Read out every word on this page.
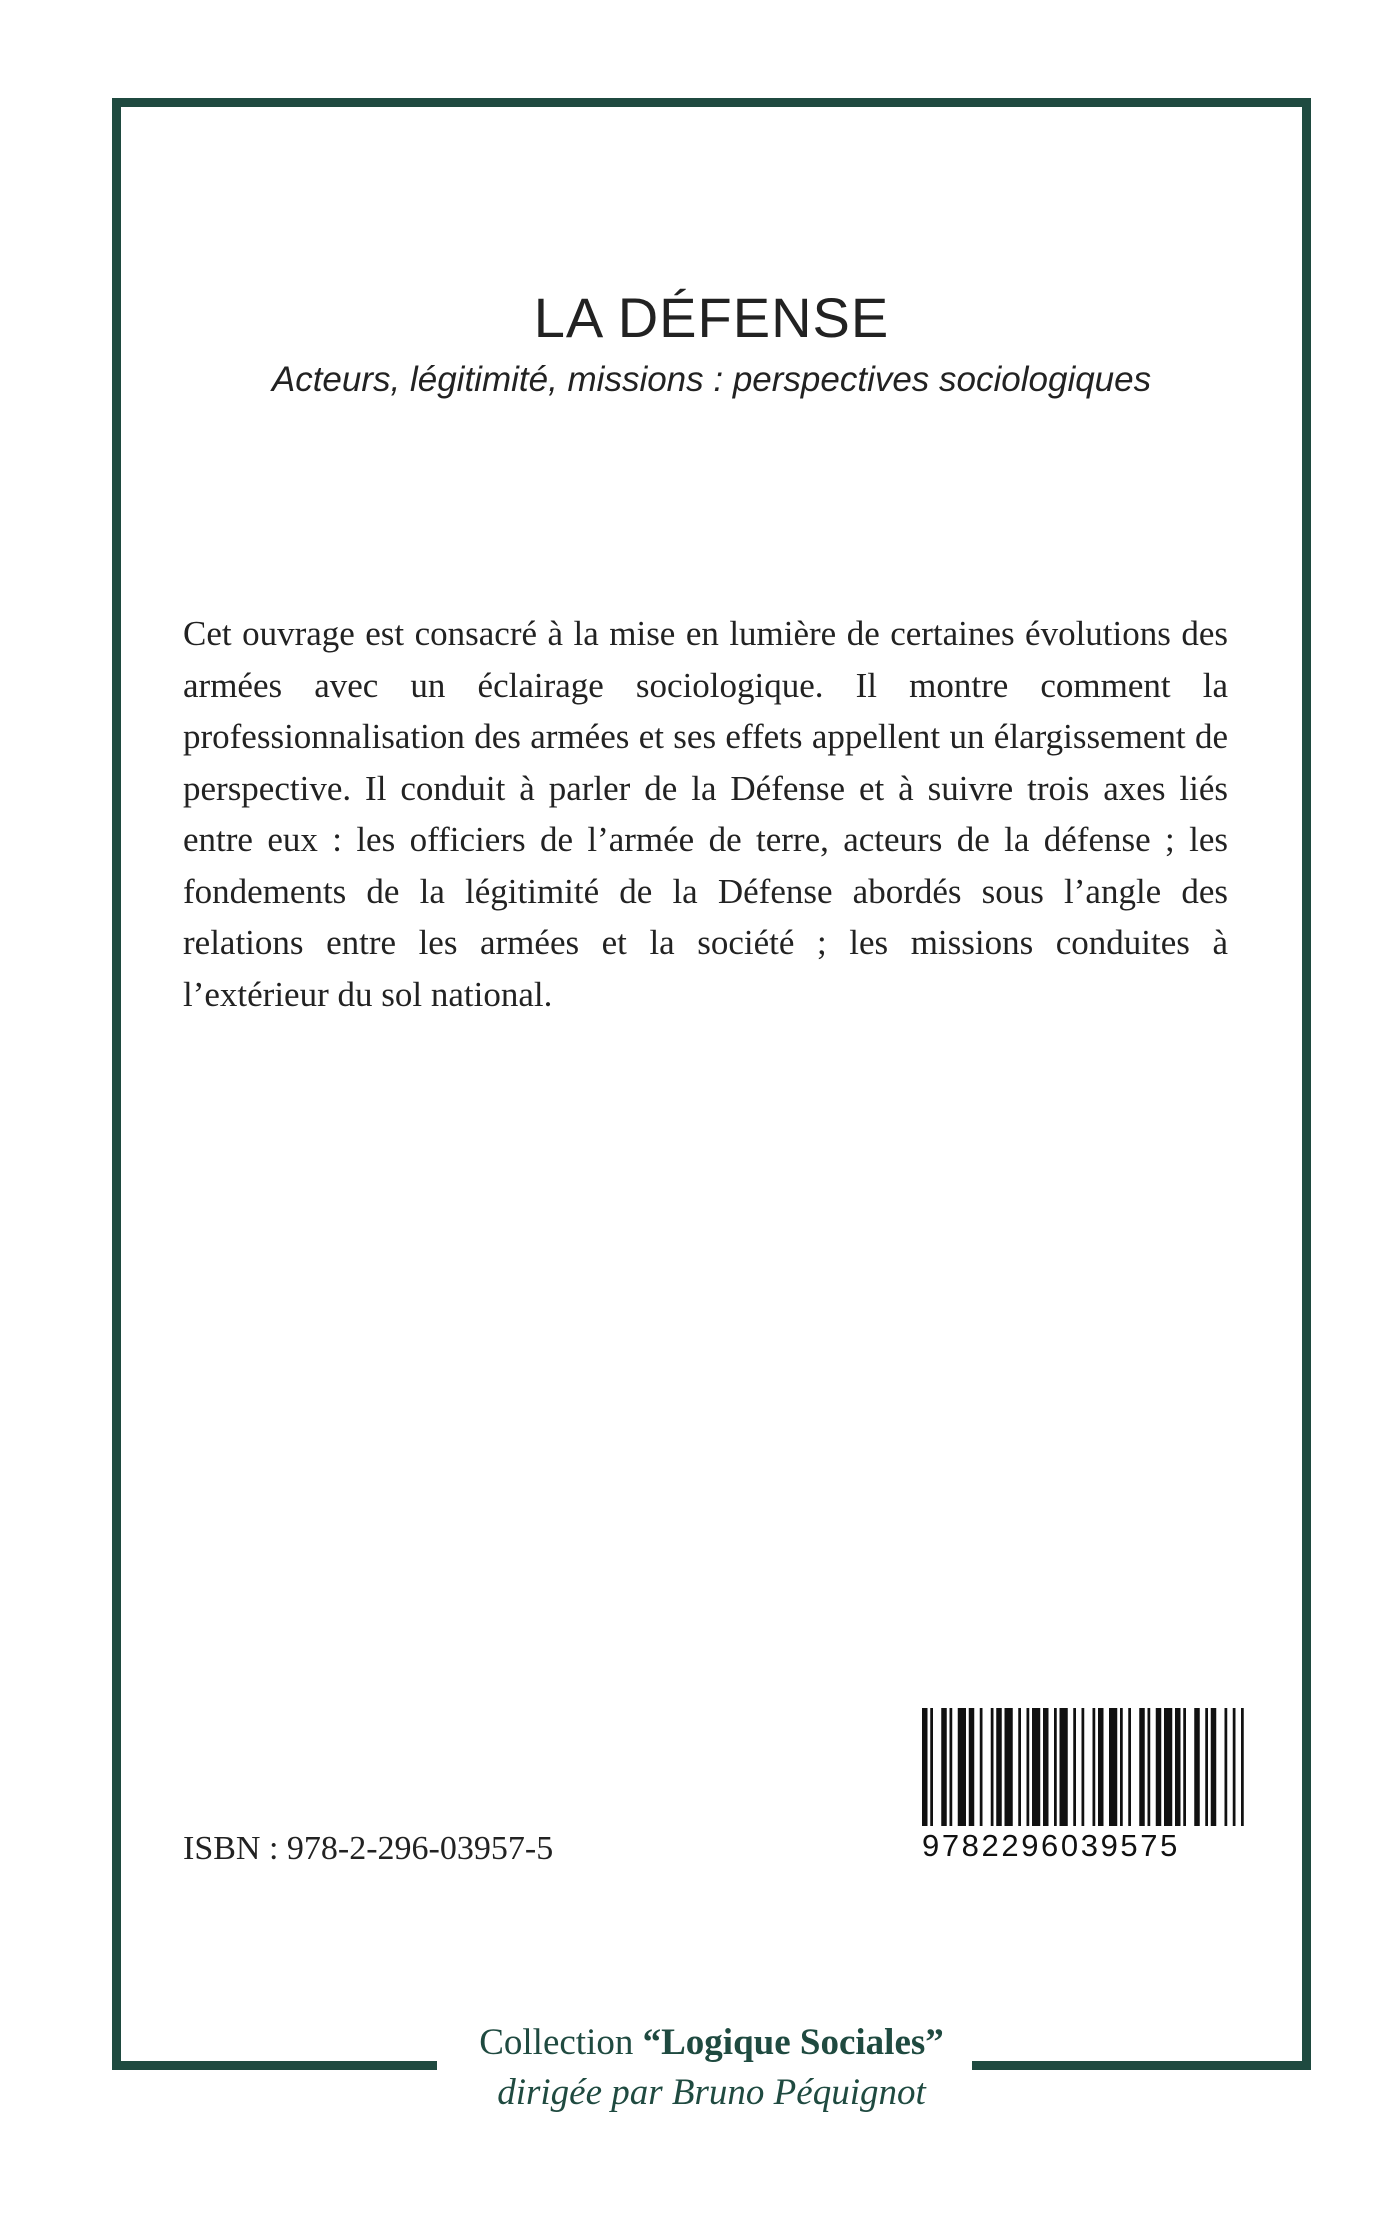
LA DÉFENSE
Acteurs, légitimité, missions : perspectives sociologiques

Cet ouvrage est consacré à la mise en lumière de certaines évolutions des armées avec un éclairage sociologique. Il montre comment la professionnalisation des armées et ses effets appellent un élargissement de perspective. Il conduit à parler de la Défense et à suivre trois axes liés entre eux : les officiers de l’armée de terre, acteurs de la défense ; les fondements de la légitimité de la Défense abordés sous l’angle des relations entre les armées et la société ; les missions conduites à l’extérieur du sol national.

ISBN : 978-2-296-03957-5	9782296039575
Collection “Logique Sociales”
dirigée par Bruno Péquignot
